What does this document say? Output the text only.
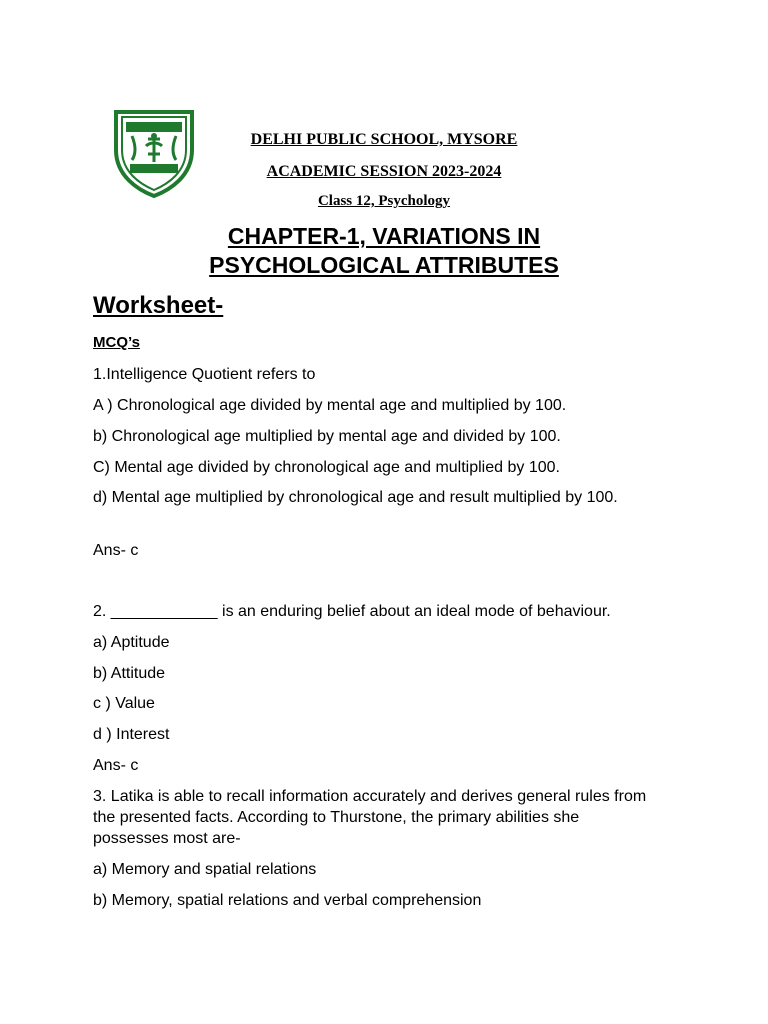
DELHI PUBLIC SCHOOL, MYSORE
ACADEMIC SESSION 2023-2024
Class 12, Psychology
CHAPTER-1, VARIATIONS IN
PSYCHOLOGICAL ATTRIBUTES
Worksheet-
MCQ’s
1.Intelligence Quotient refers to
A ) Chronological age divided by mental age and multiplied by 100.
b) Chronological age multiplied by mental age and divided by 100.
C) Mental age divided by chronological age and multiplied by 100.
d) Mental age multiplied by chronological age and result multiplied by 100.
Ans- c
2. ____________ is an enduring belief about an ideal mode of behaviour.
a) Aptitude
b) Attitude
c ) Value
d ) Interest
Ans- c
3. Latika is able to recall information accurately and derives general rules from the presented facts. According to Thurstone, the primary abilities she possesses most are-
a) Memory and spatial relations
b) Memory, spatial relations and verbal comprehension
